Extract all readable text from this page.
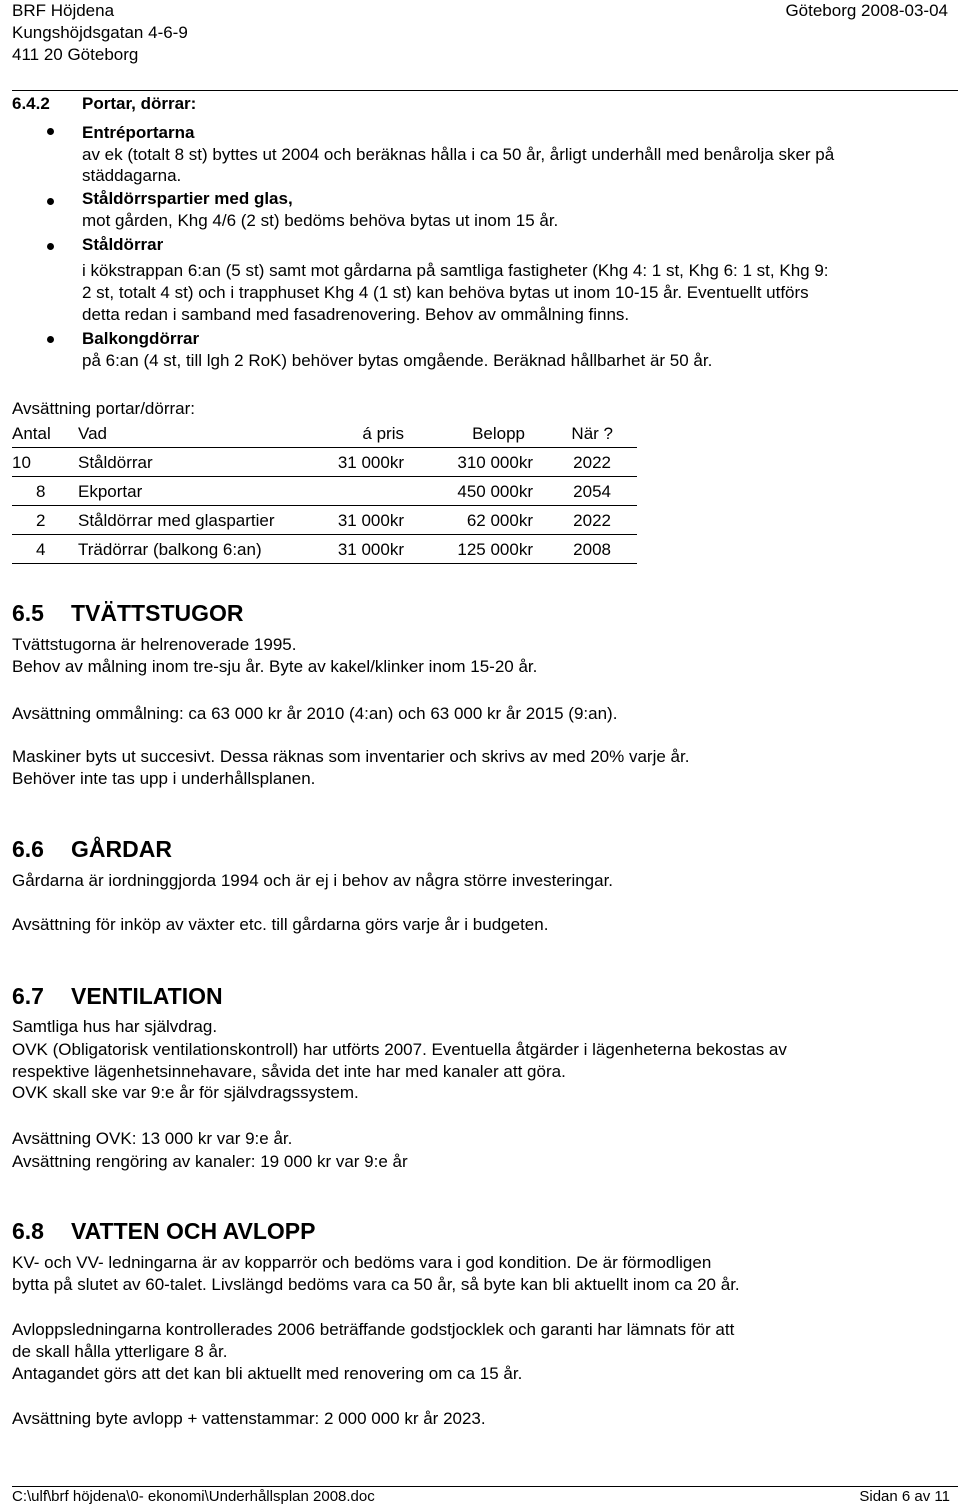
BRF Höjdena
Kungshöjdsgatan 4-6-9
411 20 Göteborg
Göteborg 2008-03-04
6.4.2 Portar, dörrar:
Entréportarna
av ek (totalt 8 st) byttes ut 2004 och beräknas hålla i ca 50 år, årligt underhåll med benårolja sker på
städdagarna.
Ståldörrspartier med glas,
mot gården, Khg 4/6 (2 st) bedöms behöva bytas ut inom 15 år.
Ståldörrar
i kökstrappan 6:an (5 st) samt mot gårdarna på samtliga fastigheter (Khg 4: 1 st, Khg 6: 1 st, Khg 9:
2 st, totalt 4 st) och i trapphuset Khg 4 (1 st) kan behöva bytas ut inom 10-15 år. Eventuellt utförs
detta redan i samband med fasadrenovering. Behov av ommålning finns.
Balkongdörrar
på 6:an (4 st, till lgh 2 RoK) behöver bytas omgående. Beräknad hållbarhet är 50 år.
Avsättning portar/dörrar:
Antal	Vad	á pris	Belopp	När ?
10	Ståldörrar	31 000kr	310 000kr	2022
8	Ekportar		450 000kr	2054
2	Ståldörrar med glaspartier	31 000kr	62 000kr	2022
4	Trädörrar (balkong 6:an)	31 000kr	125 000kr	2008
6.5 TVÄTTSTUGOR
Tvättstugorna är helrenoverade 1995.
Behov av målning inom tre-sju år. Byte av kakel/klinker inom 15-20 år.
Avsättning ommålning: ca 63 000 kr år 2010 (4:an) och 63 000 kr år 2015 (9:an).
Maskiner byts ut succesivt. Dessa räknas som inventarier och skrivs av med 20% varje år.
Behöver inte tas upp i underhållsplanen.
6.6 GÅRDAR
Gårdarna är iordninggjorda 1994 och är ej i behov av några större investeringar.
Avsättning för inköp av växter etc. till gårdarna görs varje år i budgeten.
6.7 VENTILATION
Samtliga hus har självdrag.
OVK (Obligatorisk ventilationskontroll) har utförts 2007. Eventuella åtgärder i lägenheterna bekostas av
respektive lägenhetsinnehavare, såvida det inte har med kanaler att göra.
OVK skall ske var 9:e år för självdragssystem.
Avsättning OVK: 13 000 kr var 9:e år.
Avsättning rengöring av kanaler: 19 000 kr var 9:e år
6.8 VATTEN OCH AVLOPP
KV- och VV- ledningarna är av kopparrör och bedöms vara i god kondition. De är förmodligen
bytta på slutet av 60-talet. Livslängd bedöms vara ca 50 år, så byte kan bli aktuellt inom ca 20 år.
Avloppsledningarna kontrollerades 2006 beträffande godstjocklek och garanti har lämnats för att
de skall hålla ytterligare 8 år.
Antagandet görs att det kan bli aktuellt med renovering om ca 15 år.
Avsättning byte avlopp + vattenstammar: 2 000 000 kr år 2023.
C:\ulf\brf höjdena\0- ekonomi\Underhållsplan 2008.doc	Sidan 6 av 11
